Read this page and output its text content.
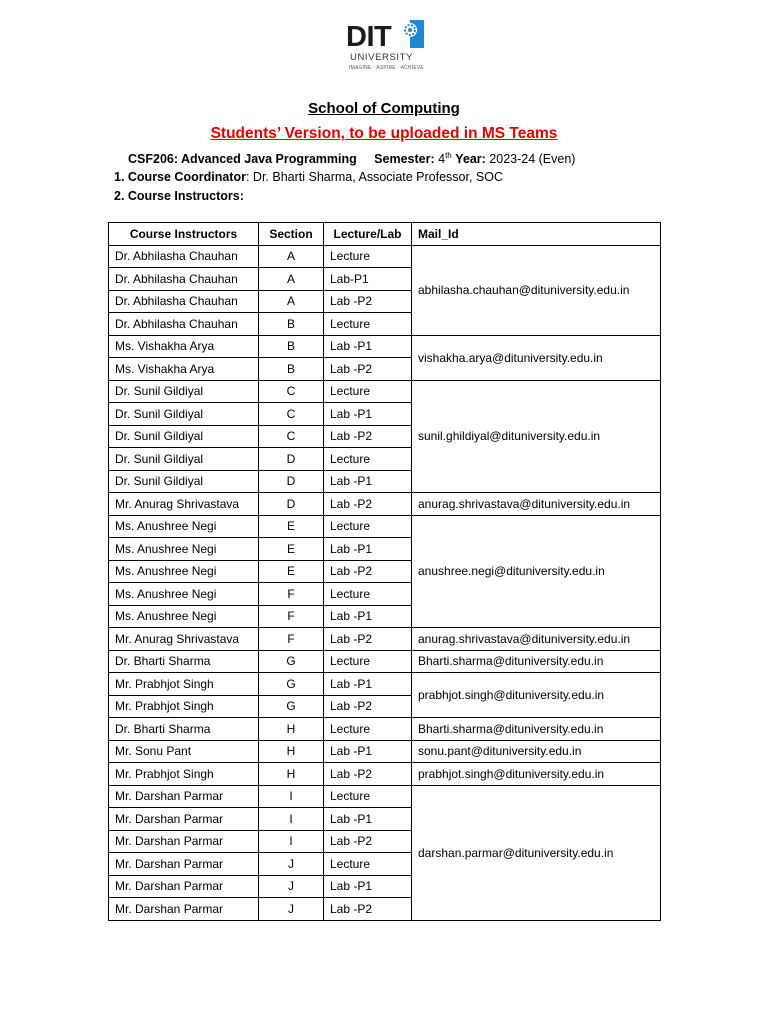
DIT
UNIVERSITY
IMAGINE · ASPIRE · ACHIEVE
School of Computing
Students’ Version, to be uploaded in MS Teams
CSF206: Advanced Java Programming Semester: 4th Year: 2023-24 (Even)
1. Course Coordinator: Dr. Bharti Sharma, Associate Professor, SOC
2. Course Instructors:
Course Instructors	Section	Lecture/Lab	Mail_Id
Dr. Abhilasha Chauhan	A	Lecture	abhilasha.chauhan@dituniversity.edu.in
Dr. Abhilasha Chauhan	A	Lab-P1	
Dr. Abhilasha Chauhan	A	Lab -P2	
Dr. Abhilasha Chauhan	B	Lecture	
Ms. Vishakha Arya	B	Lab -P1	vishakha.arya@dituniversity.edu.in
Ms. Vishakha Arya	B	Lab -P2	
Dr. Sunil Gildiyal	C	Lecture	sunil.ghildiyal@dituniversity.edu.in
Dr. Sunil Gildiyal	C	Lab -P1	
Dr. Sunil Gildiyal	C	Lab -P2	
Dr. Sunil Gildiyal	D	Lecture	
Dr. Sunil Gildiyal	D	Lab -P1	
Mr. Anurag Shrivastava	D	Lab -P2	anurag.shrivastava@dituniversity.edu.in
Ms. Anushree Negi	E	Lecture	anushree.negi@dituniversity.edu.in
Ms. Anushree Negi	E	Lab -P1	
Ms. Anushree Negi	E	Lab -P2	
Ms. Anushree Negi	F	Lecture	
Ms. Anushree Negi	F	Lab -P1	
Mr. Anurag Shrivastava	F	Lab -P2	anurag.shrivastava@dituniversity.edu.in
Dr. Bharti Sharma	G	Lecture	Bharti.sharma@dituniversity.edu.in
Mr. Prabhjot Singh	G	Lab -P1	prabhjot.singh@dituniversity.edu.in
Mr. Prabhjot Singh	G	Lab -P2	
Dr. Bharti Sharma	H	Lecture	Bharti.sharma@dituniversity.edu.in
Mr. Sonu Pant	H	Lab -P1	sonu.pant@dituniversity.edu.in
Mr. Prabhjot Singh	H	Lab -P2	prabhjot.singh@dituniversity.edu.in
Mr. Darshan Parmar	I	Lecture	darshan.parmar@dituniversity.edu.in
Mr. Darshan Parmar	I	Lab -P1	
Mr. Darshan Parmar	I	Lab -P2	
Mr. Darshan Parmar	J	Lecture	
Mr. Darshan Parmar	J	Lab -P1	
Mr. Darshan Parmar	J	Lab -P2	
